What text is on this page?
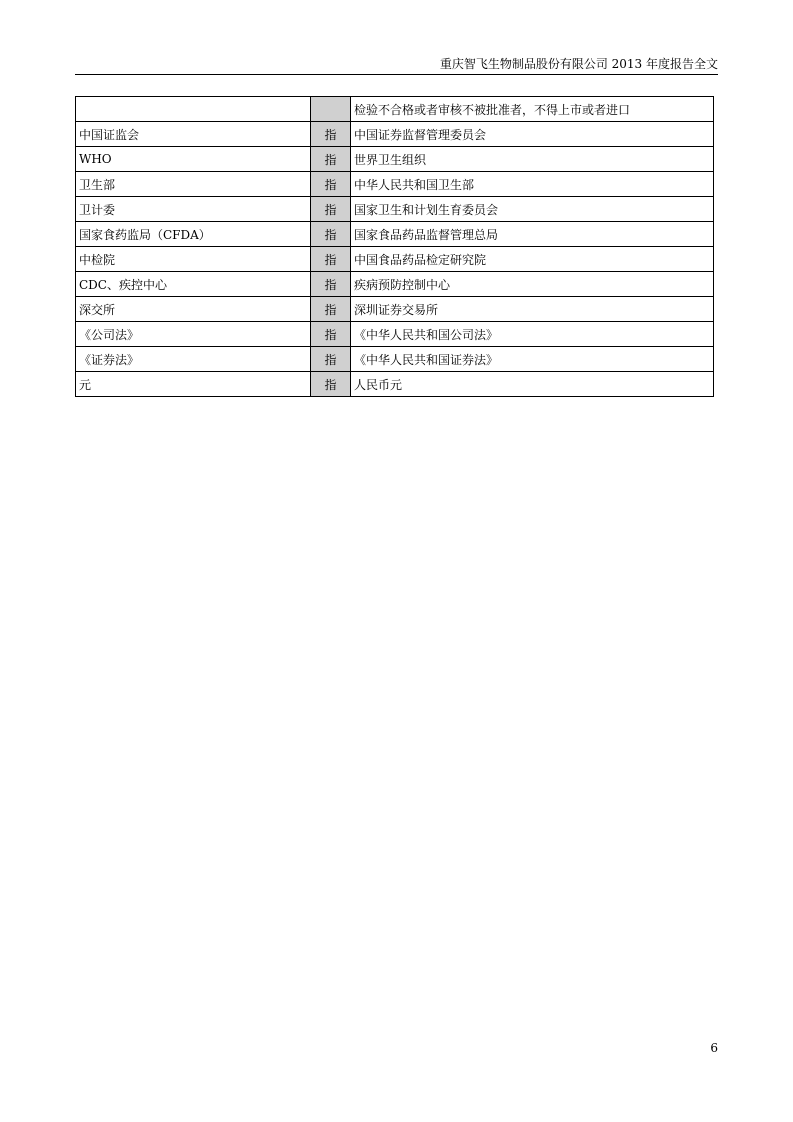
重庆智飞生物制品股份有限公司 2013 年度报告全文
		检验不合格或者审核不被批准者，不得上市或者进口
中国证监会	指	中国证券监督管理委员会
WHO	指	世界卫生组织
卫生部	指	中华人民共和国卫生部
卫计委	指	国家卫生和计划生育委员会
国家食药监局（CFDA）	指	国家食品药品监督管理总局
中检院	指	中国食品药品检定研究院
CDC、疾控中心	指	疾病预防控制中心
深交所	指	深圳证券交易所
《公司法》	指	《中华人民共和国公司法》
《证券法》	指	《中华人民共和国证券法》
元	指	人民币元
6
